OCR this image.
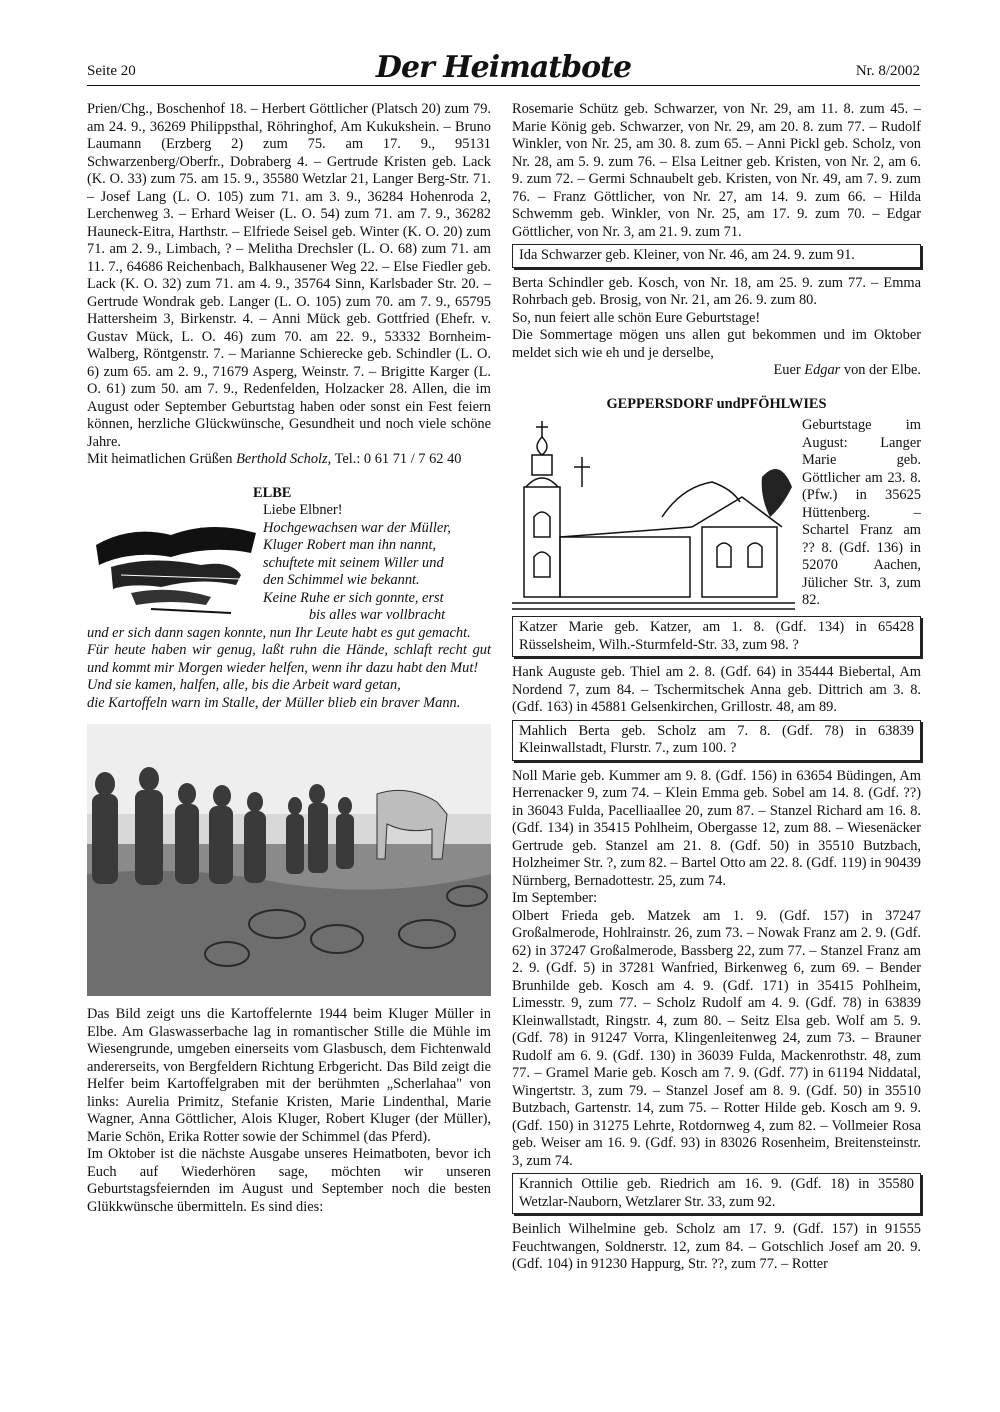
Seite 20	Der Heimatbote	Nr. 8/2002

Prien/Chg., Boschenhof 18. – Herbert Göttlicher (Platsch 20) zum 79. am 24. 9., 36269 Philippsthal, Röhringhof, Am Kukukshein. – Bruno Laumann (Erzberg 2) zum 75. am 17. 9., 95131 Schwarzenberg/Oberfr., Dobraberg 4. – Gertrude Kristen geb. Lack (K. O. 33) zum 75. am 15. 9., 35580 Wetzlar 21, Langer Berg-Str. 71. – Josef Lang (L. O. 105) zum 71. am 3. 9., 36284 Hohenroda 2, Lerchenweg 3. – Erhard Weiser (L. O. 54) zum 71. am 7. 9., 36282 Hauneck-Eitra, Harthstr. – Elfriede Seisel geb. Winter (K. O. 20) zum 71. am 2. 9., Limbach, ? – Melitha Drechsler (L. O. 68) zum 71. am 11. 7., 64686 Reichenbach, Balkhausener Weg 22. – Else Fiedler geb. Lack (K. O. 32) zum 71. am 4. 9., 35764 Sinn, Karlsbader Str. 20. – Gertrude Wondrak geb. Langer (L. O. 105) zum 70. am 7. 9., 65795 Hattersheim 3, Birkenstr. 4. – Anni Mück geb. Gottfried (Ehefr. v. Gustav Mück, L. O. 46) zum 70. am 22. 9., 53332 Bornheim-Walberg, Röntgenstr. 7. – Marianne Schierecke geb. Schindler (L. O. 6) zum 65. am 2. 9., 71679 Asperg, Weinstr. 7. – Brigitte Karger (L. O. 61) zum 50. am 7. 9., Redenfelden, Holzacker 28. Allen, die im August oder September Geburtstag haben oder sonst ein Fest feiern können, herzliche Glückwünsche, Gesundheit und noch viele schöne Jahre.

Mit heimatlichen Grüßen Berthold Scholz, Tel.: 0 61 71 / 7 62 40

ELBE
Liebe Elbner!
Hochgewachsen war der Müller,
Kluger Robert man ihn nannt,
schuftete mit seinem Willer und
den Schimmel wie bekannt.
Keine Ruhe er sich gonnte, erst
bis alles war vollbracht

und er sich dann sagen konnte, nun Ihr Leute habt es gut gemacht.

Für heute haben wir genug, laßt ruhn die Hände, schlaft recht gut und kommt mir Morgen wieder helfen, wenn ihr dazu habt den Mut!

Und sie kamen, halfen, alle, bis die Arbeit ward getan,

die Kartoffeln warn im Stalle, der Müller blieb ein braver Mann.

Das Bild zeigt uns die Kartoffelernte 1944 beim Kluger Müller in Elbe. Am Glaswasserbache lag in romantischer Stille die Mühle im Wiesengrunde, umgeben einerseits vom Glasbusch, dem Fichtenwald andererseits, von Bergfeldern Richtung Erbgericht. Das Bild zeigt die Helfer beim Kartoffelgraben mit der berühmten „Scherlahaa" von links: Aurelia Primitz, Stefanie Kristen, Marie Lindenthal, Marie Wagner, Anna Göttlicher, Alois Kluger, Robert Kluger (der Müller), Marie Schön, Erika Rotter sowie der Schimmel (das Pferd).

Im Oktober ist die nächste Ausgabe unseres Heimatboten, bevor ich Euch auf Wiederhören sage, möchten wir unseren Geburtstagsfeiernden im August und September noch die besten Glükkwünsche übermitteln. Es sind dies:

Rosemarie Schütz geb. Schwarzer, von Nr. 29, am 11. 8. zum 45. – Marie König geb. Schwarzer, von Nr. 29, am 20. 8. zum 77. – Rudolf Winkler, von Nr. 25, am 30. 8. zum 65. – Anni Pickl geb. Scholz, von Nr. 28, am 5. 9. zum 76. – Elsa Leitner geb. Kristen, von Nr. 2, am 6. 9. zum 72. – Germi Schnaubelt geb. Kristen, von Nr. 49, am 7. 9. zum 76. – Franz Göttlicher, von Nr. 27, am 14. 9. zum 66. – Hilda Schwemm geb. Winkler, von Nr. 25, am 17. 9. zum 70. – Edgar Göttlicher, von Nr. 3, am 21. 9. zum 71.

Ida Schwarzer geb. Kleiner, von Nr. 46, am 24. 9. zum 91.

Berta Schindler geb. Kosch, von Nr. 18, am 25. 9. zum 77. – Emma Rohrbach geb. Brosig, von Nr. 21, am 26. 9. zum 80.

So, nun feiert alle schön Eure Geburtstage!

Die Sommertage mögen uns allen gut bekommen und im Oktober meldet sich wie eh und je derselbe,

Euer Edgar von der Elbe.
GEPPERSDORF undPFÖHLWIES
Geburtstage im August: Langer Marie geb. Göttlicher am 23. 8. (Pfw.) in 35625 Hüttenberg. – Schartel Franz am ?? 8. (Gdf. 136) in 52070 Aachen, Jülicher Str. 3, zum 82.
Katzer Marie geb. Katzer, am 1. 8. (Gdf. 134) in 65428 Rüsselsheim, Wilh.-Sturmfeld-Str. 33, zum 98. ?

Hank Auguste geb. Thiel am 2. 8. (Gdf. 64) in 35444 Biebertal, Am Nordend 7, zum 84. – Tschermitschek Anna geb. Dittrich am 3. 8. (Gdf. 163) in 45881 Gelsenkirchen, Grillostr. 48, am 89.

Mahlich Berta geb. Scholz am 7. 8. (Gdf. 78) in 63839 Kleinwallstadt, Flurstr. 7., zum 100. ?

Noll Marie geb. Kummer am 9. 8. (Gdf. 156) in 63654 Büdingen, Am Herrenacker 9, zum 74. – Klein Emma geb. Sobel am 14. 8. (Gdf. ??) in 36043 Fulda, Pacelliaallee 20, zum 87. – Stanzel Richard am 16. 8. (Gdf. 134) in 35415 Pohlheim, Obergasse 12, zum 88. – Wiesenäcker Gertrude geb. Stanzel am 21. 8. (Gdf. 50) in 35510 Butzbach, Holzheimer Str. ?, zum 82. – Bartel Otto am 22. 8. (Gdf. 119) in 90439 Nürnberg, Bernadottestr. 25, zum 74.

Im September:

Olbert Frieda geb. Matzek am 1. 9. (Gdf. 157) in 37247 Großalmerode, Hohlrainstr. 26, zum 73. – Nowak Franz am 2. 9. (Gdf. 62) in 37247 Großalmerode, Bassberg 22, zum 77. – Stanzel Franz am 2. 9. (Gdf. 5) in 37281 Wanfried, Birkenweg 6, zum 69. – Bender Brunhilde geb. Kosch am 4. 9. (Gdf. 171) in 35415 Pohlheim, Limesstr. 9, zum 77. – Scholz Rudolf am 4. 9. (Gdf. 78) in 63839 Kleinwallstadt, Ringstr. 4, zum 80. – Seitz Elsa geb. Wolf am 5. 9. (Gdf. 78) in 91247 Vorra, Klingenleitenweg 24, zum 73. – Brauner Rudolf am 6. 9. (Gdf. 130) in 36039 Fulda, Mackenrothstr. 48, zum 77. – Gramel Marie geb. Kosch am 7. 9. (Gdf. 77) in 61194 Niddatal, Wingertstr. 3, zum 79. – Stanzel Josef am 8. 9. (Gdf. 50) in 35510 Butzbach, Gartenstr. 14, zum 75. – Rotter Hilde geb. Kosch am 9. 9. (Gdf. 150) in 31275 Lehrte, Rotdornweg 4, zum 82. – Vollmeier Rosa geb. Weiser am 16. 9. (Gdf. 93) in 83026 Rosenheim, Breitensteinstr. 3, zum 74.

Krannich Ottilie geb. Riedrich am 16. 9. (Gdf. 18) in 35580 Wetzlar-Nauborn, Wetzlarer Str. 33, zum 92.

Beinlich Wilhelmine geb. Scholz am 17. 9. (Gdf. 157) in 91555 Feuchtwangen, Soldnerstr. 12, zum 84. – Gotschlich Josef am 20. 9. (Gdf. 104) in 91230 Happurg, Str. ??, zum 77. – Rotter
